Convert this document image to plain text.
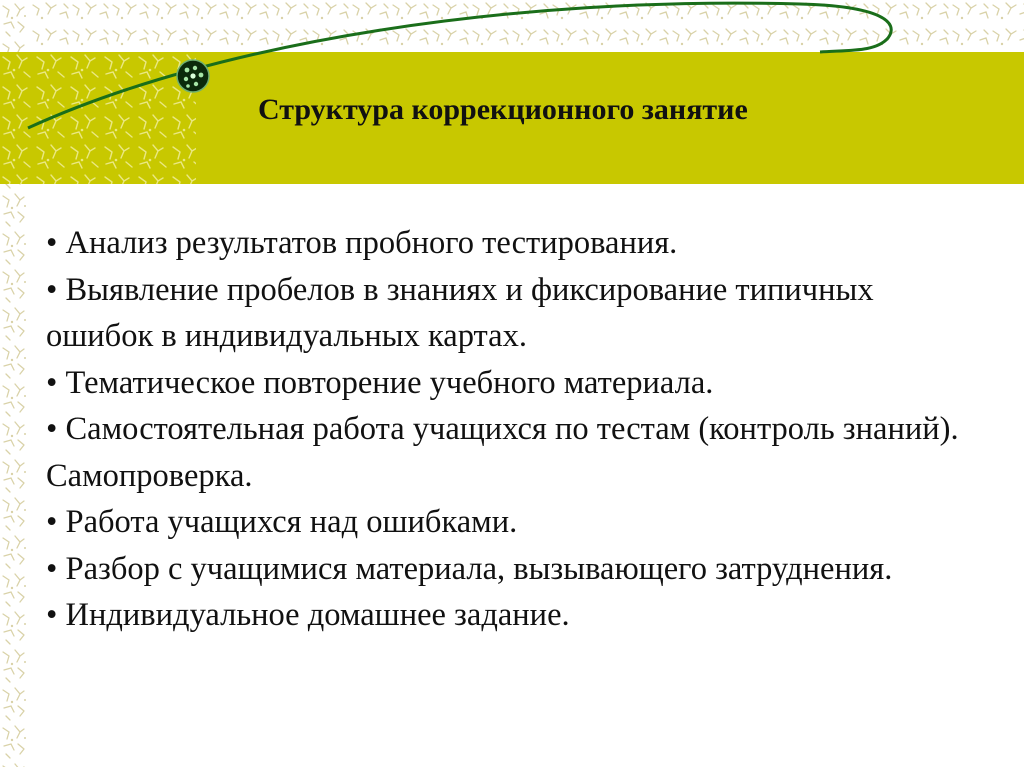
Структура коррекционного занятие

• Анализ результатов пробного тестирования.

• Выявление пробелов в знаниях и фиксирование типичных ошибок в индивидуальных картах.

• Тематическое повторение учебного материала.

• Самостоятельная работа учащихся по тестам (контроль знаний). Самопроверка.

• Работа учащихся над ошибками.

• Разбор с учащимися материала, вызывающего затруднения.

• Индивидуальное домашнее задание.
